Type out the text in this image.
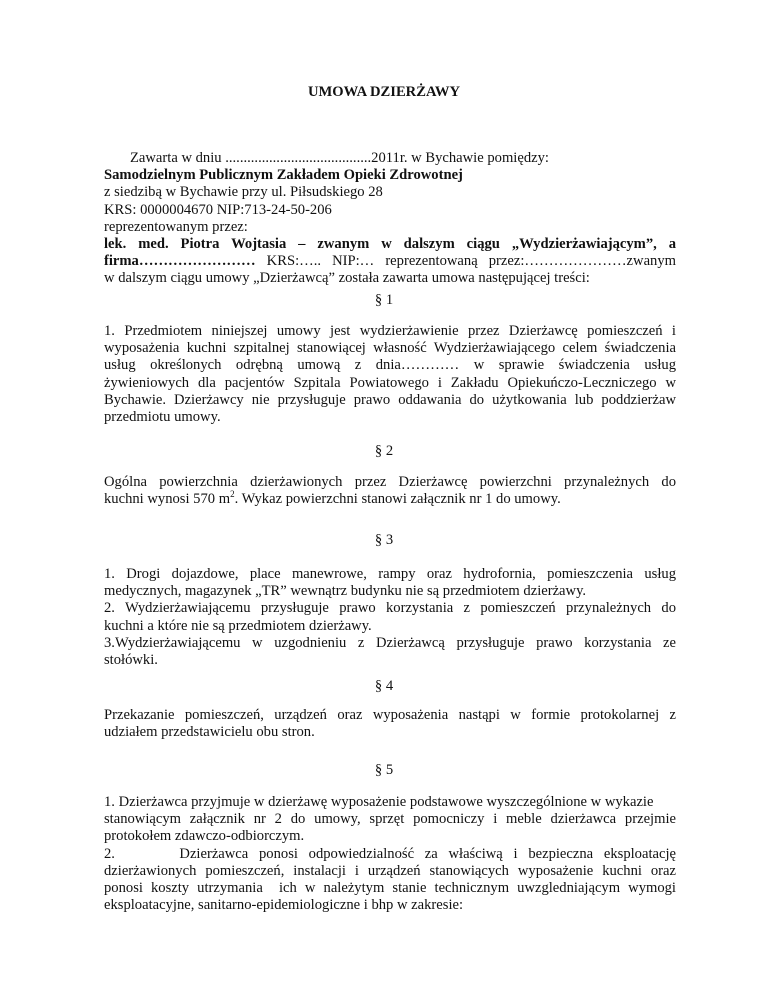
UMOWA DZIERŻAWY
Zawarta w dniu ........................................2011r. w Bychawie pomiędzy:
Samodzielnym Publicznym Zakładem Opieki Zdrowotnej
z siedzibą w Bychawie przy ul. Piłsudskiego 28
KRS: 0000004670 NIP:713-24-50-206
reprezentowanym przez:
lek. med. Piotra Wojtasia – zwanym w dalszym ciągu „Wydzierżawiającym”, a
firma…………………… KRS:….. NIP:… reprezentowaną przez:…………………zwanym
w dalszym ciągu umowy „Dzierżawcą” została zawarta umowa następującej treści:
§ 1
1. Przedmiotem niniejszej umowy jest wydzierżawienie przez Dzierżawcę pomieszczeń i
wyposażenia kuchni szpitalnej stanowiącej własność Wydzierżawiającego celem świadczenia
usług określonych odrębną umową z dnia………… w sprawie świadczenia usług
żywieniowych dla pacjentów Szpitala Powiatowego i Zakładu Opiekuńczo-Leczniczego w
Bychawie. Dzierżawcy nie przysługuje prawo oddawania do użytkowania lub poddzierżaw
przedmiotu umowy.
§ 2
Ogólna powierzchnia dzierżawionych przez Dzierżawcę powierzchni przynależnych do
kuchni wynosi 570 $m^2$. Wykaz powierzchni stanowi załącznik nr 1 do umowy.
§ 3
1. Drogi dojazdowe, place manewrowe, rampy oraz hydrofornia, pomieszczenia usług
medycznych, magazynek „TR” wewnątrz budynku nie są przedmiotem dzierżawy.
2. Wydzierżawiającemu przysługuje prawo korzystania z pomieszczeń przynależnych do
kuchni a które nie są przedmiotem dzierżawy.
3.Wydzierżawiającemu w uzgodnieniu z Dzierżawcą przysługuje prawo korzystania ze
stołówki.
§ 4
Przekazanie pomieszczeń, urządzeń oraz wyposażenia nastąpi w formie protokolarnej z
udziałem przedstawicielu obu stron.
§ 5
1. Dzierżawca przyjmuje w dzierżawę wyposażenie podstawowe wyszczególnione w wykazie
stanowiącym załącznik nr 2 do umowy, sprzęt pomocniczy i meble dzierżawca przejmie
protokołem zdawczo-odbiorczym.
2.      Dzierżawca ponosi odpowiedzialność za właściwą i bezpieczna eksploatację
dzierżawionych pomieszczeń, instalacji i urządzeń stanowiących wyposażenie kuchni oraz
ponosi koszty utrzymania  ich w należytym stanie technicznym uwzgledniającym wymogi
eksploatacyjne, sanitarno-epidemiologiczne i bhp w zakresie:
